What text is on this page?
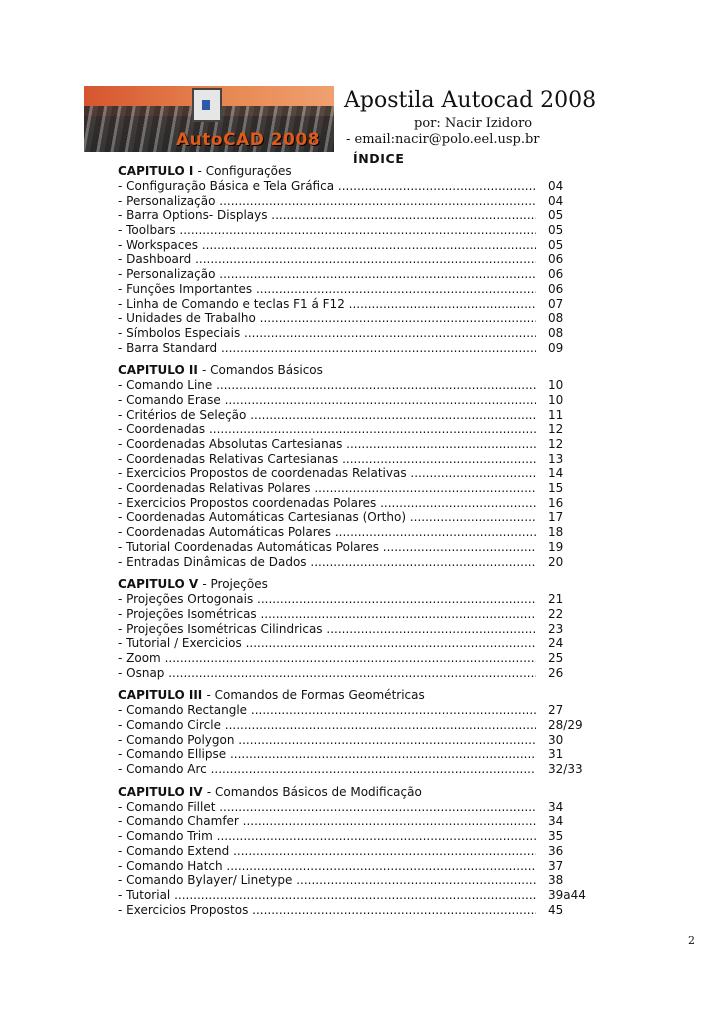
AutoCAD 2008
Apostila Autocad 2008
por: Nacir Izidoro
- email:nacir@polo.eel.usp.br
ÍNDICE
CAPITULO I - Configurações
- Configuração Básica e Tela Gráfica .....	04
- Personalização .....	04
- Barra Options- Displays .....	05
- Toolbars .....	05
- Workspaces .....	05
- Dashboard .....	06
- Personalização .....	06
- Funções Importantes .....	06
- Linha de Comando e teclas F1 á F12 .....	07
- Unidades de Trabalho .....	08
- Símbolos Especiais .....	08
- Barra Standard .....	09
CAPITULO II - Comandos Básicos
- Comando Line .....	10
- Comando Erase .....	10
- Critérios de Seleção .....	11
- Coordenadas .....	12
- Coordenadas Absolutas Cartesianas .....	12
- Coordenadas Relativas Cartesianas .....	13
- Exercicios Propostos de coordenadas Relativas .....	14
- Coordenadas Relativas Polares .....	15
- Exercicios Propostos coordenadas Polares .....	16
- Coordenadas Automáticas Cartesianas (Ortho) .....	17
- Coordenadas Automáticas Polares .....	18
- Tutorial Coordenadas Automáticas Polares .....	19
- Entradas Dinâmicas de Dados .....	20
CAPITULO V - Projeções
- Projeções Ortogonais .....	21
- Projeções Isométricas .....	22
- Projeções Isométricas Cilindricas .....	23
- Tutorial / Exercicios .....	24
- Zoom .....	25
- Osnap .....	26
CAPITULO III - Comandos de Formas Geométricas
- Comando Rectangle .....	27
- Comando Circle .....	28/29
- Comando Polygon .....	30
- Comando Ellipse .....	31
- Comando Arc .....	32/33
CAPITULO IV - Comandos Básicos de Modificação
- Comando Fillet .....	34
- Comando Chamfer .....	34
- Comando Trim .....	35
- Comando Extend .....	36
- Comando Hatch .....	37
- Comando Bylayer/ Linetype .....	38
- Tutorial .....	39a44
- Exercicios Propostos .....	45
2
